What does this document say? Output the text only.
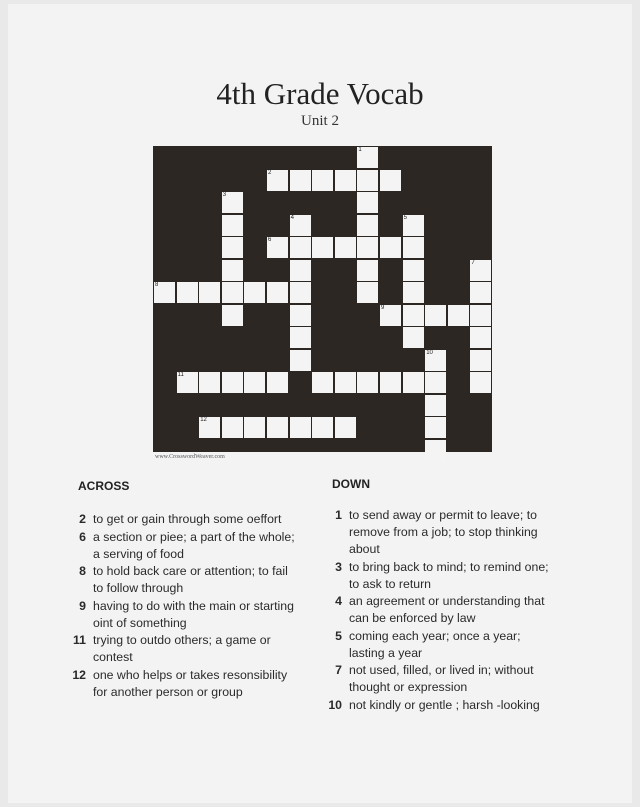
4th Grade Vocab
Unit 2
1
2
3
4	5
6
7
8
9
10
11
12
www.CrosswordWeaver.com
ACROSS	DOWN
2 to get or gain through some oeffort
6 a section or piee; a part of the whole;
a serving of food
8 to hold back care or attention; to fail
to follow through
9 having to do with the main or starting
oint of something
11 trying to outdo others; a game or
contest
12 one who helps or takes resonsibility
for another person or group
1 to send away or permit to leave; to
remove from a job; to stop thinking
about
3 to bring back to mind; to remind one;
to ask to return
4 an agreement or understanding that
can be enforced by law
5 coming each year; once a year;
lasting a year
7 not used, filled, or lived in; without
thought or expression
10 not kindly or gentle ; harsh -looking
